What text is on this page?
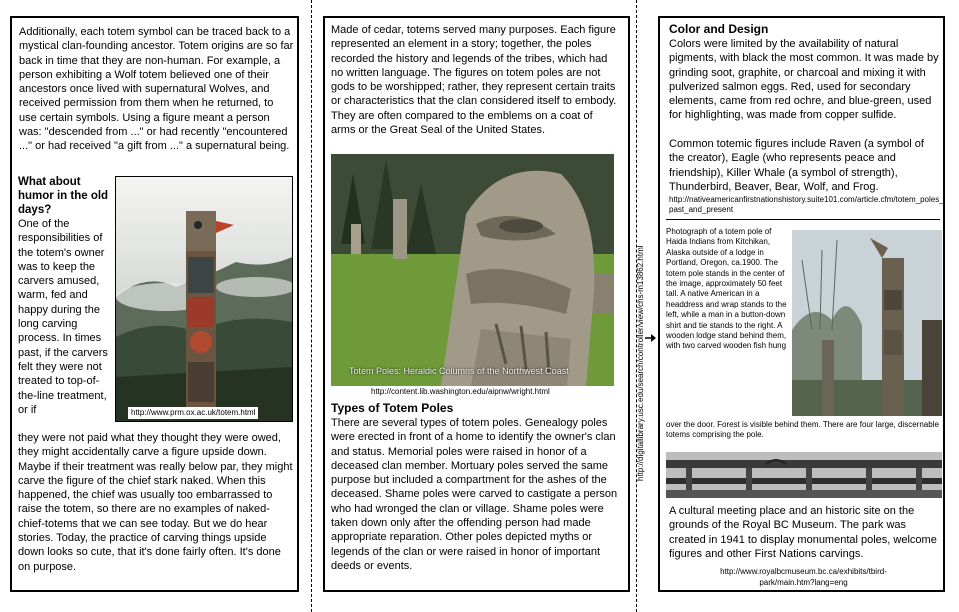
Additionally, each totem symbol can be traced back to a mystical clan-founding ancestor. Totem origins are so far back in time that they are non-human. For example, a person exhibiting a Wolf totem believed one of their ancestors once lived with supernatural Wolves, and received permission from them when he returned, to use certain symbols. Using a figure meant a person was: "descended from ..." or had recently "encountered ..." or had received "a gift from ..." a supernatural being.

What about humor in the old days?

One of the responsibilities of the totem's owner was to keep the carvers amused, warm, fed and happy during the long carving process. In times past, if the carvers felt they were not treated to top-of-the-line treatment, or if	http://www.prm.ox.ac.uk/totem.html

they were not paid what they thought they were owed, they might accidentally carve a figure upside down. Maybe if their treatment was really below par, they might carve the figure of the chief stark naked. When this happened, the chief was usually too embarrassed to raise the totem, so there are no examples of naked-chief-totems that we can see today. But we do hear stories. Today, the practice of carving things upside down looks so cute, that it's done fairly often. It's done on purpose.

Made of cedar, totems served many purposes. Each figure represented an element in a story; together, the poles recorded the history and legends of the tribes, which had no written language. The figures on totem poles are not gods to be worshipped; rather, they represent certain traits or characteristics that the clan considered itself to embody. They are often compared to the emblems on a coat of arms or the Great Seal of the United States.

Totem Poles: Heraldic Columns of the Northwest Coast
http://content.lib.washington.edu/aipnw/wright.html
Types of Totem Poles

There are several types of totem poles. Genealogy poles were erected in front of a home to identify the owner's clan and status. Memorial poles were raised in honor of a deceased clan member. Mortuary poles served the same purpose but included a compartment for the ashes of the deceased. Shame poles were carved to castigate a person who had wronged the clan or village. Shame poles were taken down only after the offending person had made appropriate reparation. Other poles depicted myths or legends of the clan or were raised in honor of important deeds or events.

http://digitallibrary.usc.edu/search/controller/view/chs-m13862.html
Color and Design

Colors were limited by the availability of natural pigments, with black the most common. It was made by grinding soot, graphite, or charcoal and mixing it with pulverized salmon eggs. Red, used for secondary elements, came from red ochre, and blue-green, used for highlighting, was made from copper sulfide.

Common totemic figures include Raven (a symbol of the creator), Eagle (who represents peace and friendship), Killer Whale (a symbol of strength), Thunderbird, Beaver, Bear, Wolf, and Frog.

http://nativeamericanfirstnationshistory.suite101.com/article.cfm/totem_poles_past_and_present

Photograph of a totem pole of Haida Indians from Kitchikan, Alaska outside of a lodge in Portland, Oregon, ca.1900. The totem pole stands in the center of the image, approximately 50 feet tall. A native American in a headdress and wrap stands to the left, while a man in a button-down shirt and tie stands to the right. A wooden lodge stand behind them, with two carved wooden fish hung

over the door. Forest is visible behind them. There are four large, discernable totems comprising the pole.

A cultural meeting place and an historic site on the grounds of the Royal BC Museum. The park was created in 1941 to display monumental poles, welcome figures and other First Nations carvings.

http://www.royalbcmuseum.bc.ca/exhibits/tbird-park/main.htm?lang=eng
